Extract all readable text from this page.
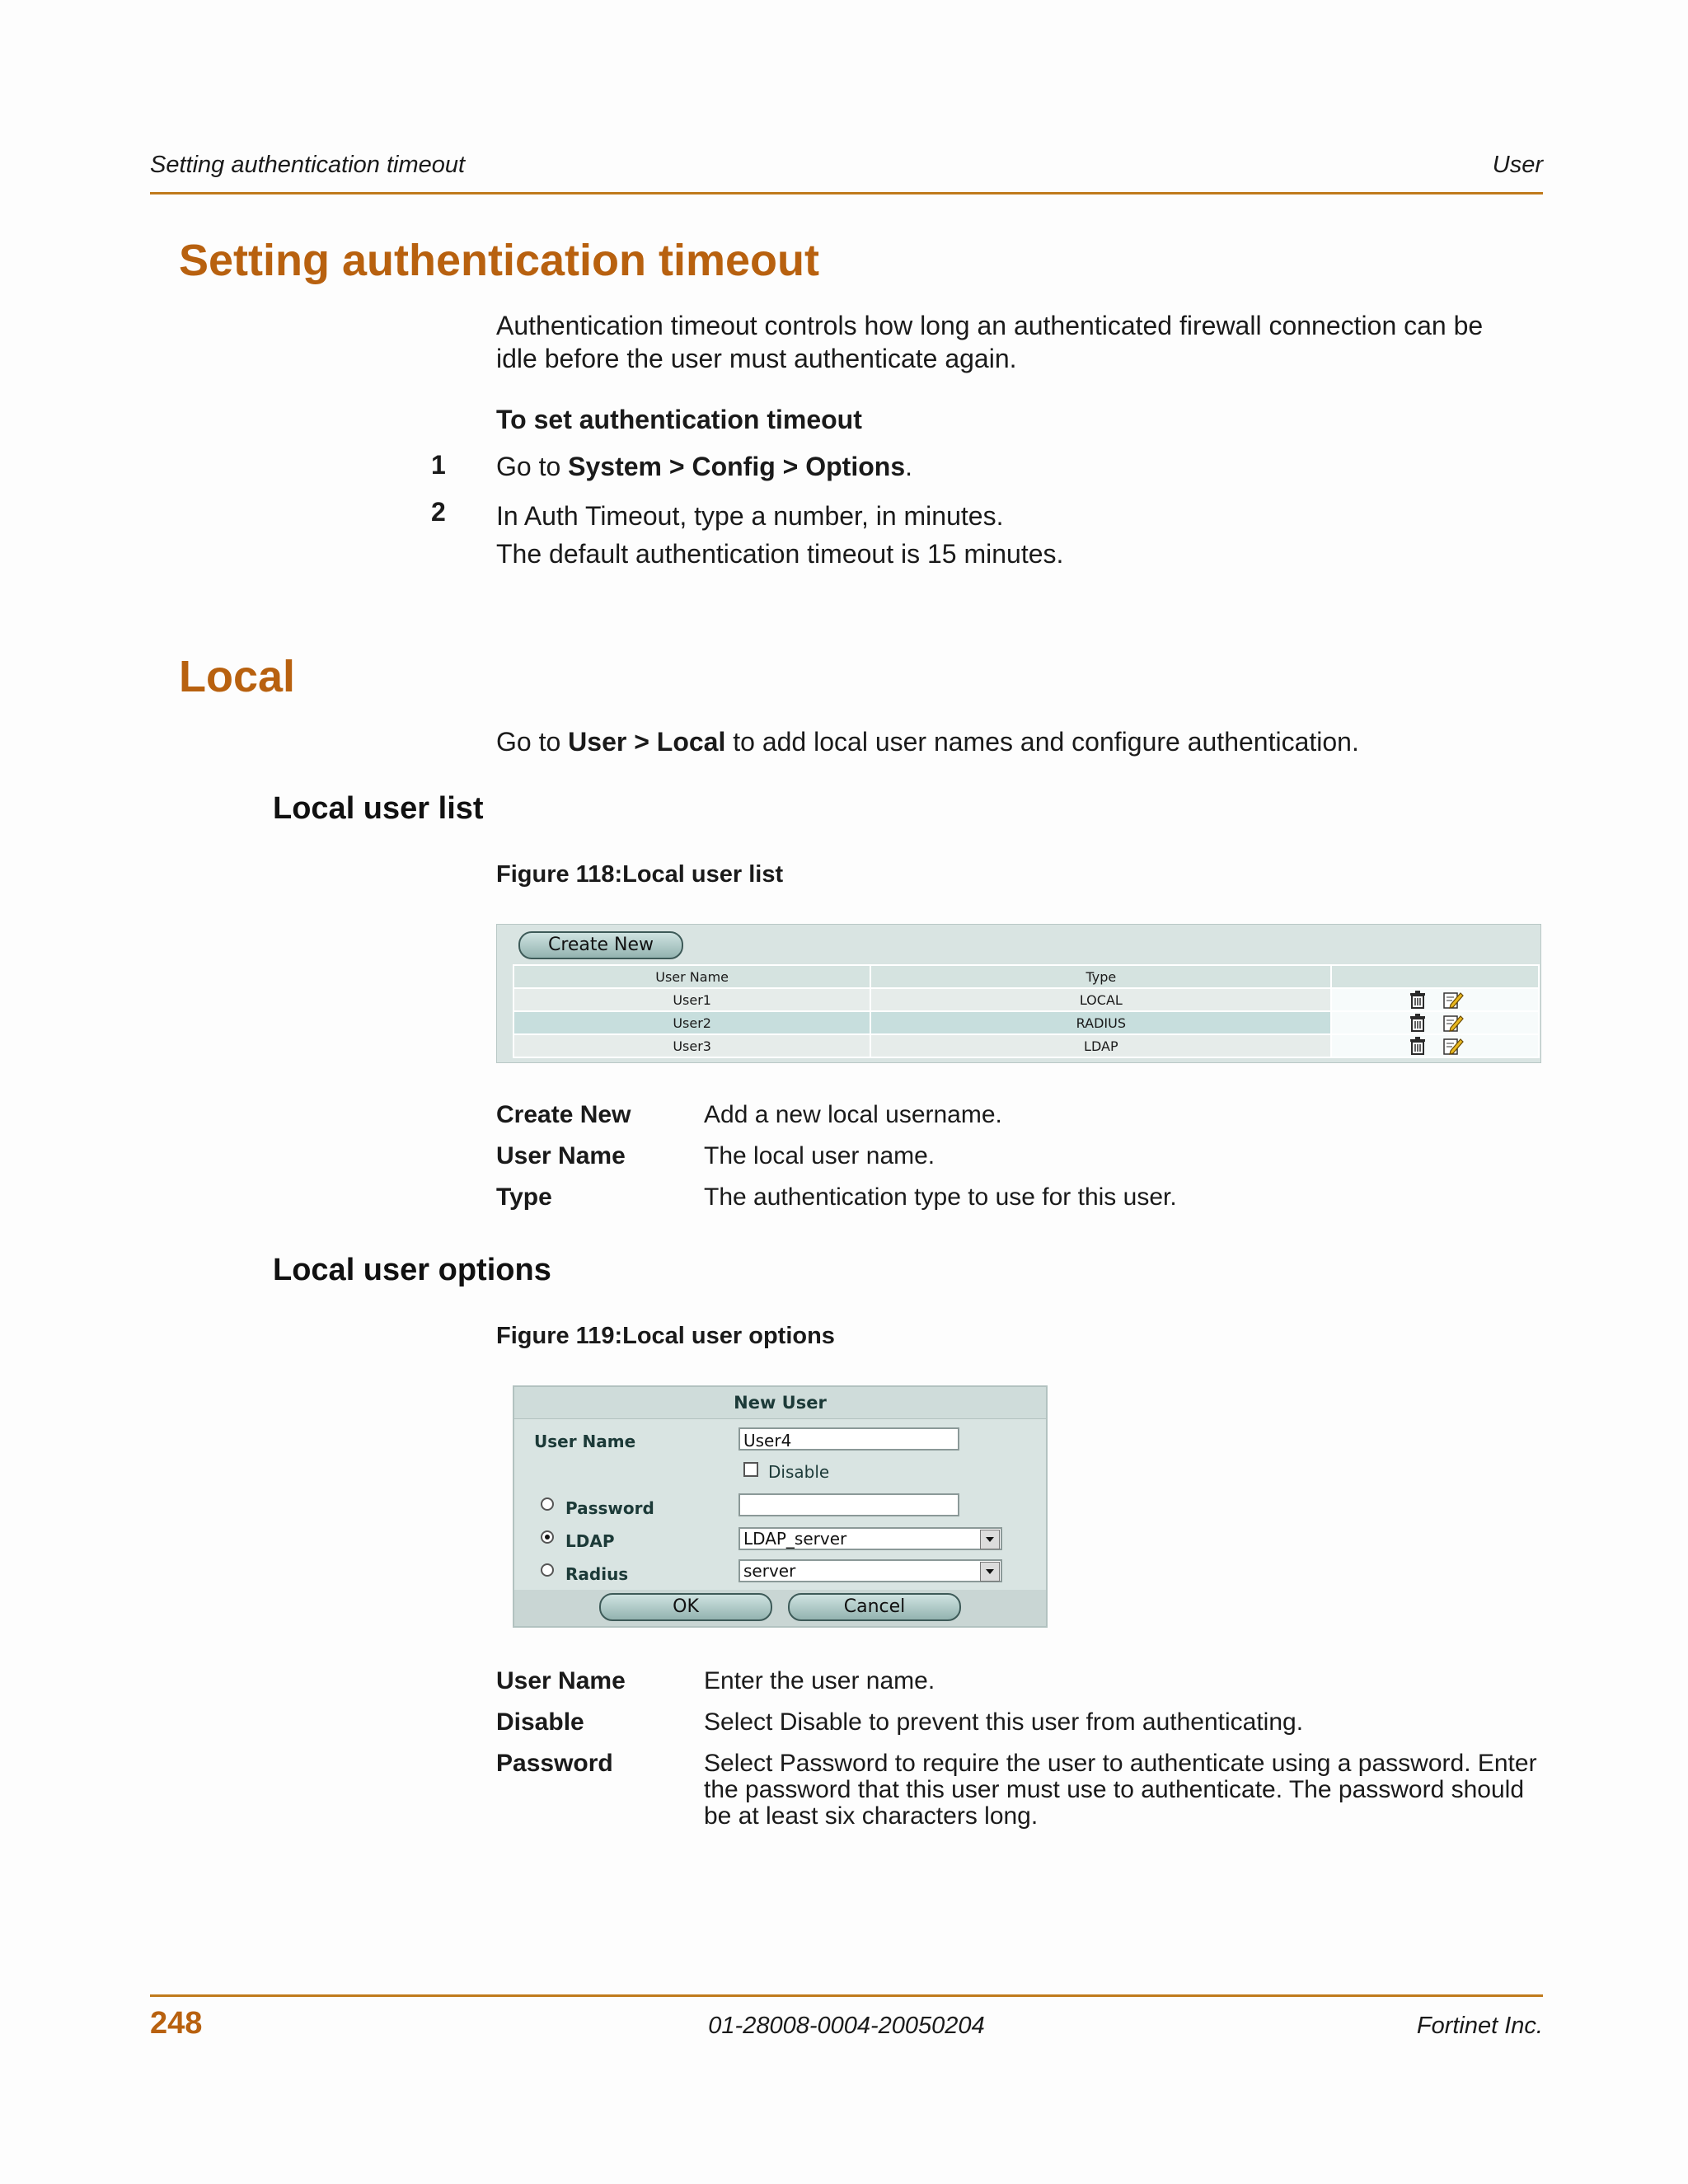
Setting authentication timeout	User
Setting authentication timeout
Authentication timeout controls how long an authenticated firewall connection can be
idle before the user must authenticate again.
To set authentication timeout
1 Go to System > Config > Options.
2 In Auth Timeout, type a number, in minutes.
The default authentication timeout is 15 minutes.
Local
Go to User > Local to add local user names and configure authentication.
Local user list
Figure 118:Local user list
Create New
User Name	Type	
User1	LOCAL	
User2	RADIUS	
User3	LDAP	
Create New	Add a new local username.
User Name	The local user name.
Type	The authentication type to use for this user.
Local user options
Figure 119:Local user options
New User
User Name	User4
Disable
Password
LDAP	LDAP_server
Radius	server
OK	Cancel
User Name	Enter the user name.
Disable	Select Disable to prevent this user from authenticating.
Password	Select Password to require the user to authenticate using a password. Enter the password that this user must use to authenticate. The password should be at least six characters long.
248	01-28008-0004-20050204	Fortinet Inc.
